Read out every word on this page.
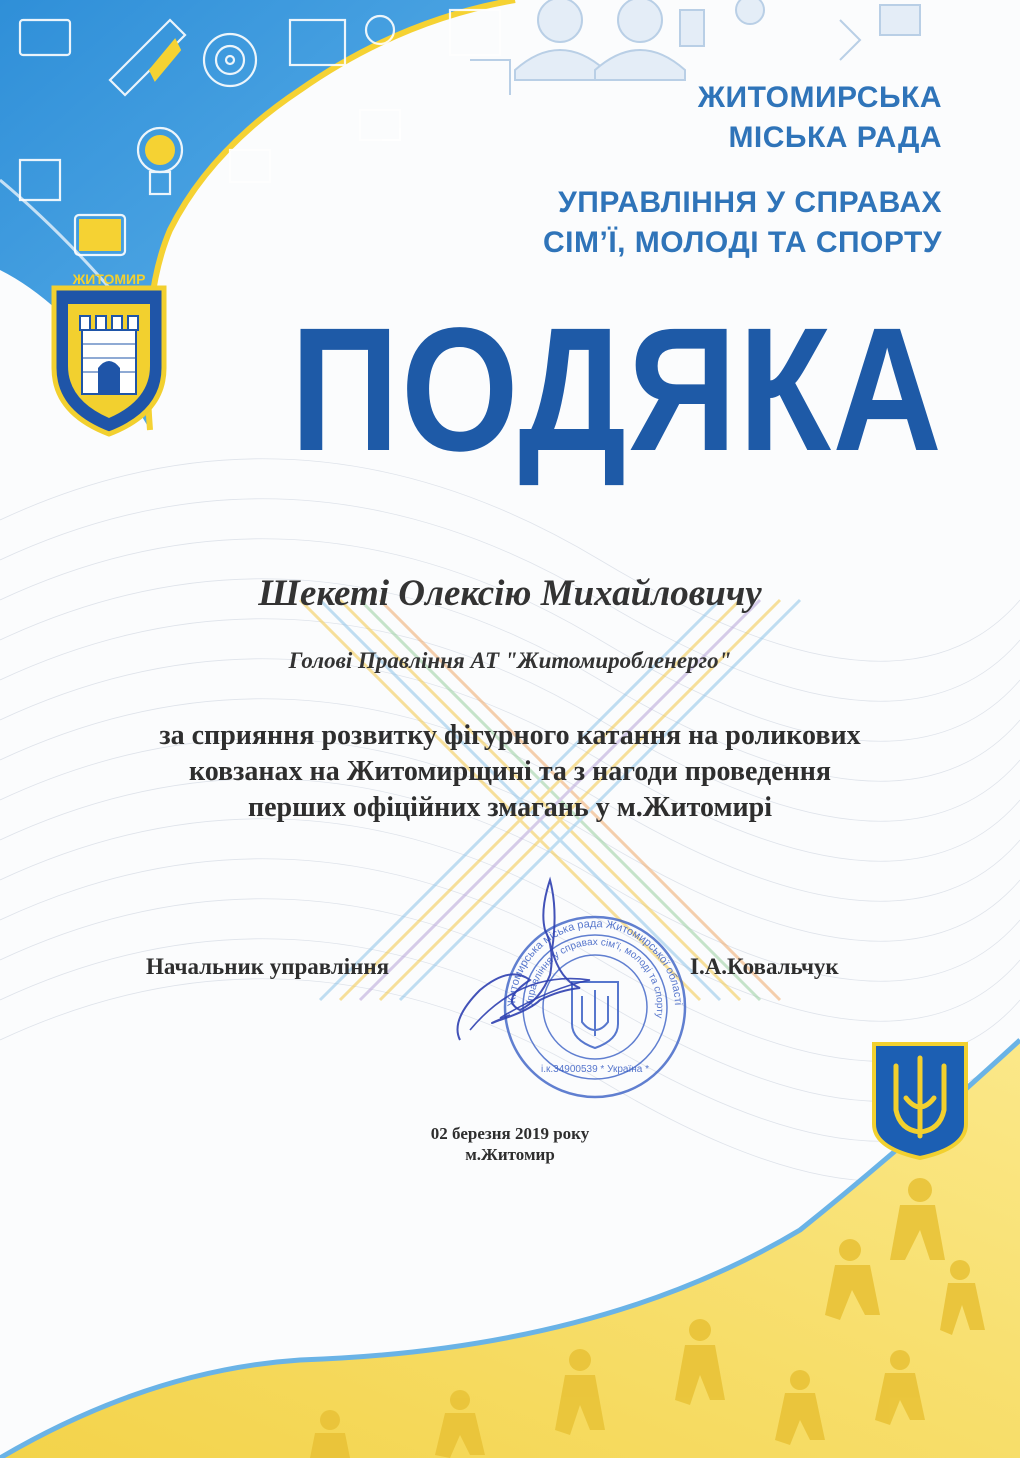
ЖИТОМИР
ЖИТОМИРСЬКА
МІСЬКА РАДА
УПРАВЛІННЯ У СПРАВАХ
СІМ’Ї, МОЛОДІ ТА СПОРТУ
ПОДЯКА
Шекеті Олексію Михайловичу
Голові Правління АТ "Житомиробленерго"
за сприяння розвитку фігурного катання на роликових
ковзанах на Житомирщині та з нагоди проведення
перших офіційних змагань у м.Житомирі
Начальник управління	І.А.Ковальчук
Житомирська міська рада Житомирської області
Управління у справах сім'ї, молоді та спорту
і.к.34900539 * Україна *
02 березня 2019 року
м.Житомир
